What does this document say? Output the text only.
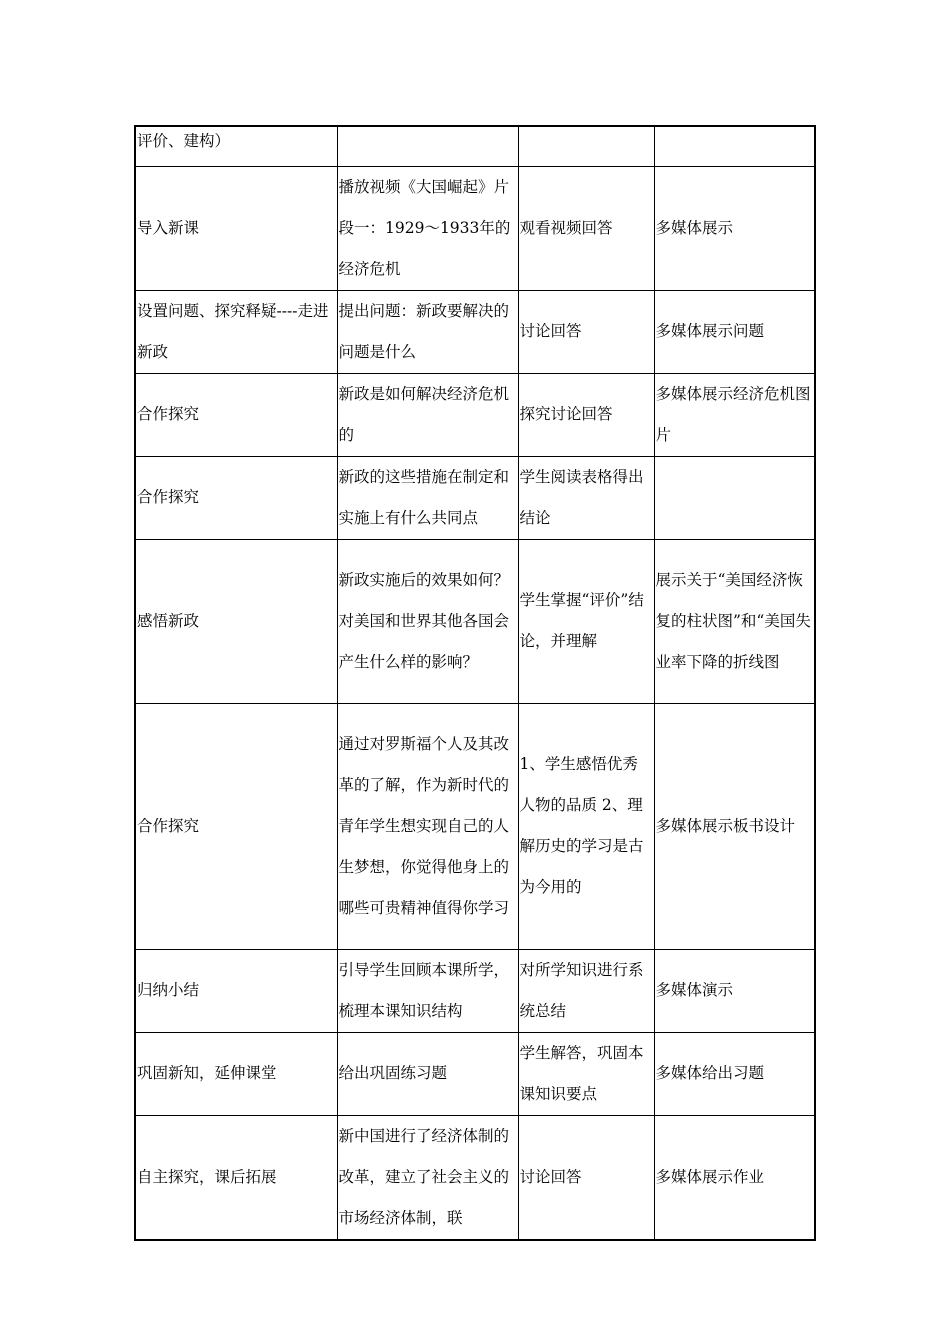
评价、建构）			
导入新课	播放视频《大国崛起》片段一：1929～1933年的经济危机	观看视频回答	多媒体展示
设置问题、探究释疑----走进新政	提出问题：新政要解决的问题是什么	讨论回答	多媒体展示问题
合作探究	新政是如何解决经济危机的	探究讨论回答	多媒体展示经济危机图片
合作探究	新政的这些措施在制定和实施上有什么共同点	学生阅读表格得出结论	
感悟新政	新政实施后的效果如何？对美国和世界其他各国会产生什么样的影响？	学生掌握“评价”结论，并理解	展示关于“美国经济恢复的柱状图”和“美国失业率下降的折线图
合作探究	通过对罗斯福个人及其改革的了解，作为新时代的青年学生想实现自己的人生梦想，你觉得他身上的哪些可贵精神值得你学习	1、学生感悟优秀人物的品质 2、理解历史的学习是古为今用的	多媒体展示板书设计
归纳小结	引导学生回顾本课所学，梳理本课知识结构	对所学知识进行系统总结	多媒体演示
巩固新知，延伸课堂	给出巩固练习题	学生解答，巩固本课知识要点	多媒体给出习题
自主探究，课后拓展	新中国进行了经济体制的改革，建立了社会主义的市场经济体制，联	讨论回答	多媒体展示作业
